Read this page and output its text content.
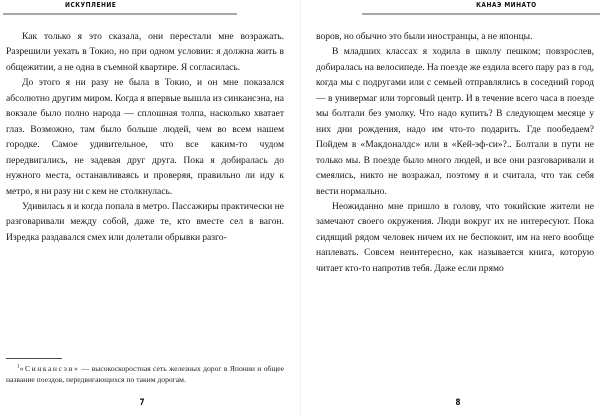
ИСКУПЛЕНИЕ

Как только я это сказала, они перестали мне возражать. Разрешили уехать в Токио, но при одном условии: я должна жить в общежитии, а не одна в съемной квартире. Я согласилась.

До этого я ни разу не была в Токио, и он мне показался абсолютно другим миром. Когда я впервые вышла из синкансэна, на вокзале было полно народа — сплошная толпа, насколько хватает глаз. Возможно, там было больше людей, чем во всем нашем городке. Самое удивительное, что все каким-то чудом передвигались, не задевая друг друга. Пока я добиралась до нужного места, останавливаясь и проверяя, правильно ли иду к метро, я ни разу ни с кем не столкнулась.

Удивилась я и когда попала в метро. Пассажиры практически не разговаривали между собой, даже те, кто вместе сел в вагон. Изредка раздавался смех или долетали обрывки разго-

$^1$«Синкансэн» — высокоскоростная сеть железных дорог в Японии и общее название поездов, передвигающихся по таким дорогам.

7
КАНАЭ МИНАТО

воров, но обычно это были иностранцы, а не японцы.

В младших классах я ходила в школу пешком; повзрослев, добиралась на велосипеде. На поезде же ездила всего пару раз в год, когда мы с подругами или с семьей отправлялись в соседний город — в универмаг или торговый центр. И в течение всего часа в поезде мы болтали без умолку. Что надо купить? В следующем месяце у них дни рождения, надо им что-то подарить. Где пообедаем? Пойдем в «Макдоналдс» или в «Кей-эф-си»?.. Болтали в пути не только мы. В поезде было много людей, и все они разговаривали и смеялись, никто не возражал, поэтому я и считала, что так себя вести нормально.

Неожиданно мне пришло в голову, что токийские жители не замечают своего окружения. Люди вокруг их не интересуют. Пока сидящий рядом человек ничем их не беспокоит, им на него вообще наплевать. Совсем неинтересно, как называется книга, которую читает кто-то напротив тебя. Даже если прямо

8
